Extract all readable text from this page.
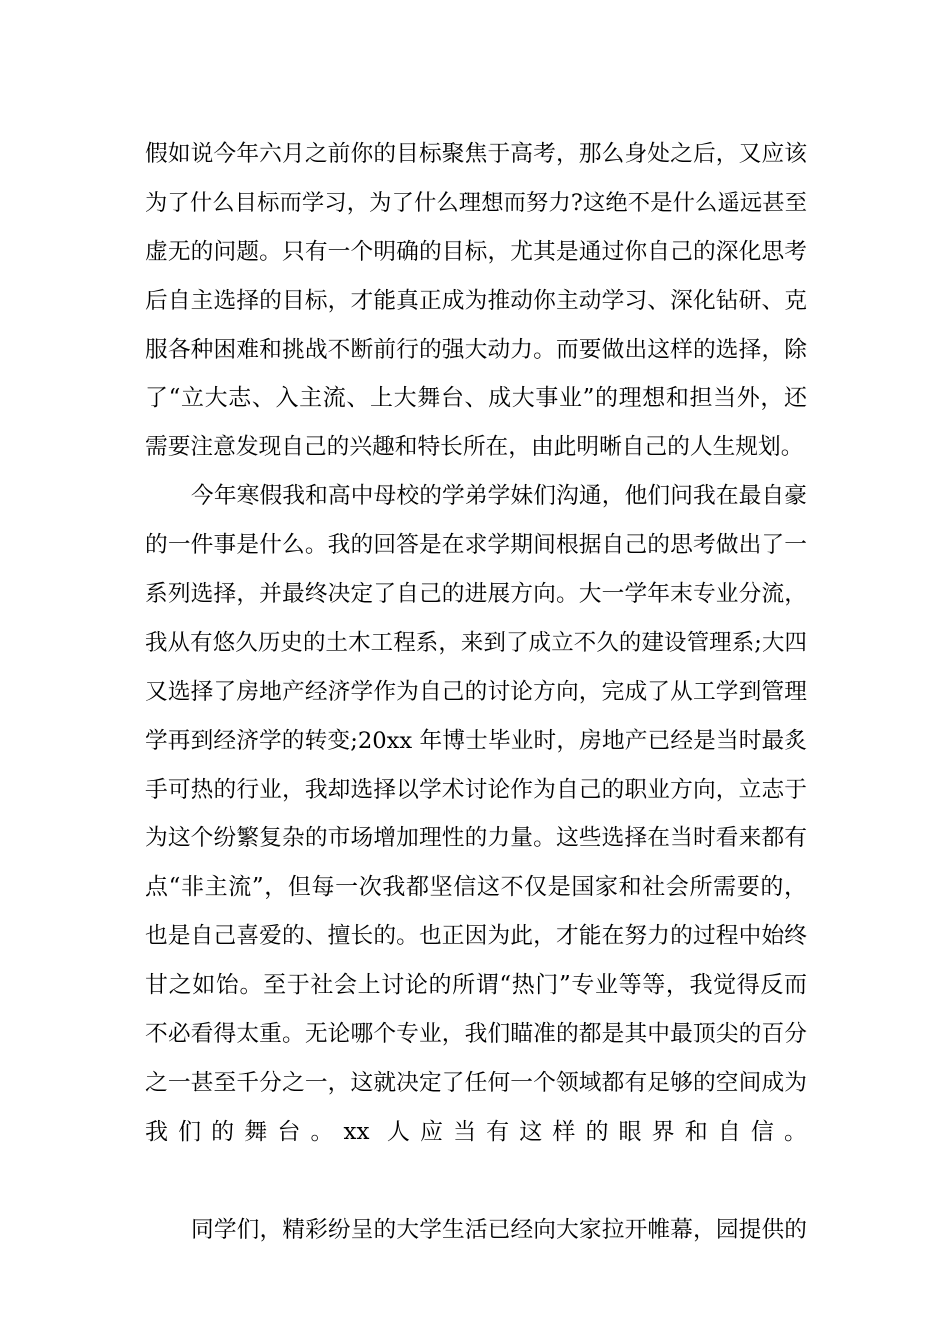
假如说今年六月之前你的目标聚焦于高考，那么身处之后，又应该
为了什么目标而学习，为了什么理想而努力?这绝不是什么遥远甚至
虚无的问题。只有一个明确的目标，尤其是通过你自己的深化思考
后自主选择的目标，才能真正成为推动你主动学习、深化钻研、克
服各种困难和挑战不断前行的强大动力。而要做出这样的选择，除
了“立大志、入主流、上大舞台、成大事业”的理想和担当外，还
需要注意发现自己的兴趣和特长所在，由此明晰自己的人生规划。
今年寒假我和高中母校的学弟学妹们沟通，他们问我在最自豪
的一件事是什么。我的回答是在求学期间根据自己的思考做出了一
系列选择，并最终决定了自己的进展方向。大一学年末专业分流，
我从有悠久历史的土木工程系，来到了成立不久的建设管理系;大四
又选择了房地产经济学作为自己的讨论方向，完成了从工学到管理
学再到经济学的转变;20xx 年博士毕业时，房地产已经是当时最炙
手可热的行业，我却选择以学术讨论作为自己的职业方向，立志于
为这个纷繁复杂的市场增加理性的力量。这些选择在当时看来都有
点“非主流”，但每一次我都坚信这不仅是国家和社会所需要的，
也是自己喜爱的、擅长的。也正因为此，才能在努力的过程中始终
甘之如饴。至于社会上讨论的所谓“热门”专业等等，我觉得反而
不必看得太重。无论哪个专业，我们瞄准的都是其中最顶尖的百分
之一甚至千分之一，这就决定了任何一个领域都有足够的空间成为
我们的舞台。xx 人应当有这样的眼界和自信。
同学们，精彩纷呈的大学生活已经向大家拉开帷幕，园提供的
